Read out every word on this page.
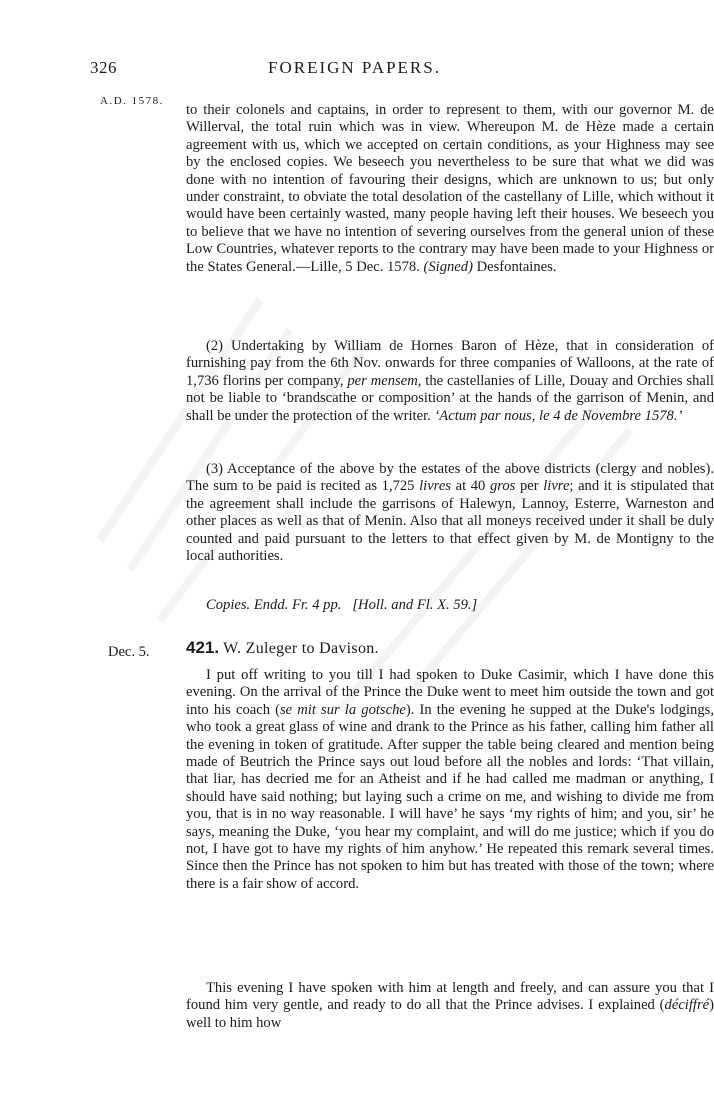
326	FOREIGN PAPERS.
A.D. 1578.

to their colonels and captains, in order to represent to them, with our governor M. de Willerval, the total ruin which was in view. Whereupon M. de Hèze made a certain agreement with us, which we accepted on certain conditions, as your Highness may see by the enclosed copies. We beseech you nevertheless to be sure that what we did was done with no intention of favouring their designs, which are unknown to us; but only under constraint, to obviate the total desolation of the castellany of Lille, which without it would have been certainly wasted, many people having left their houses. We beseech you to believe that we have no intention of severing ourselves from the general union of these Low Countries, whatever reports to the contrary may have been made to your Highness or the States General.—Lille, 5 Dec. 1578. (Signed) Desfontaines.

(2) Undertaking by William de Hornes Baron of Hèze, that in consideration of furnishing pay from the 6th Nov. onwards for three companies of Walloons, at the rate of 1,736 florins per company, per mensem, the castellanies of Lille, Douay and Orchies shall not be liable to ‘brandscathe or composition’ at the hands of the garrison of Menin, and shall be under the protection of the writer. ‘Actum par nous, le 4 de Novembre 1578.’

(3) Acceptance of the above by the estates of the above districts (clergy and nobles). The sum to be paid is recited as 1,725 livres at 40 gros per livre; and it is stipulated that the agreement shall include the garrisons of Halewyn, Lannoy, Esterre, Warneston and other places as well as that of Menin. Also that all moneys received under it shall be duly counted and paid pursuant to the letters to that effect given by M. de Montigny to the local authorities.

Copies. Endd. Fr. 4 pp. [Holl. and Fl. X. 59.]

Dec. 5. 421. W. Zuleger to Davison.

I put off writing to you till I had spoken to Duke Casimir, which I have done this evening. On the arrival of the Prince the Duke went to meet him outside the town and got into his coach (se mit sur la gotsche). In the evening he supped at the Duke's lodgings, who took a great glass of wine and drank to the Prince as his father, calling him father all the evening in token of gratitude. After supper the table being cleared and mention being made of Beutrich the Prince says out loud before all the nobles and lords: ‘That villain, that liar, has decried me for an Atheist and if he had called me madman or anything, I should have said nothing; but laying such a crime on me, and wishing to divide me from you, that is in no way reasonable. I will have’ he says ‘my rights of him; and you, sir’ he says, meaning the Duke, ‘you hear my complaint, and will do me justice; which if you do not, I have got to have my rights of him anyhow.’ He repeated this remark several times. Since then the Prince has not spoken to him but has treated with those of the town; where there is a fair show of accord.

This evening I have spoken with him at length and freely, and can assure you that I found him very gentle, and ready to do all that the Prince advises. I explained (déciffré) well to him how
